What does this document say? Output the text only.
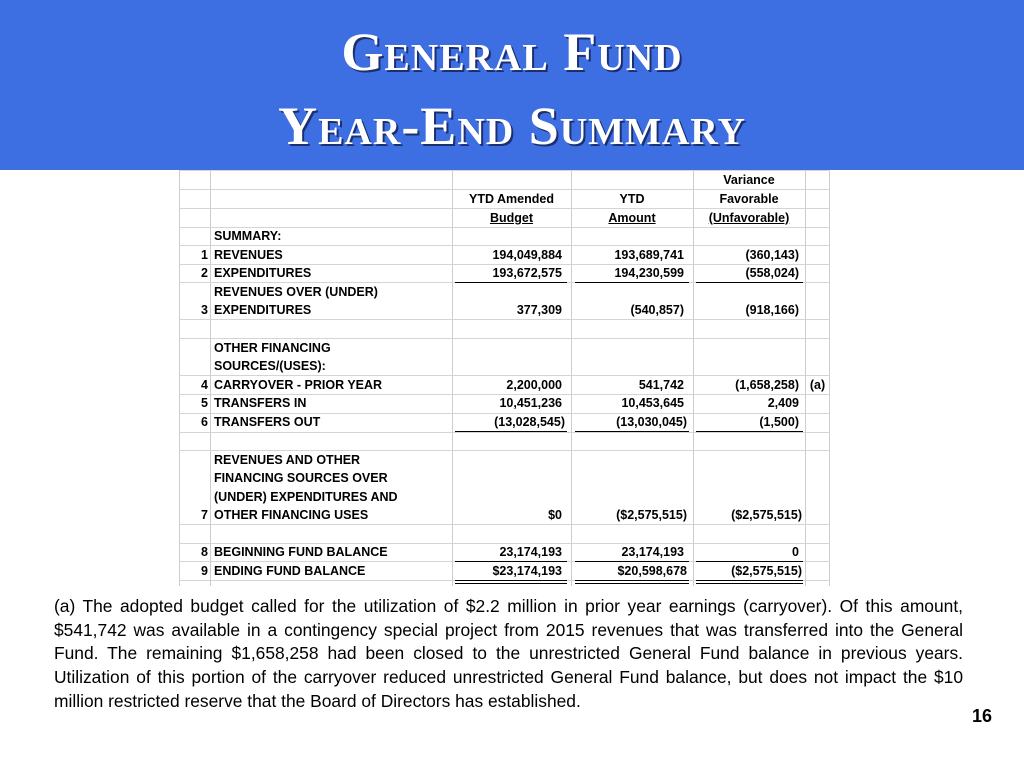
General Fund
Year-End Summary
Variance
YTD Amended	YTD	Favorable
Budget	Amount	(Unfavorable)
SUMMARY:
1 REVENUES	194,049,884	193,689,741	(360,143)
2 EXPENDITURES	193,672,575	194,230,599	(558,024)
REVENUES OVER (UNDER)
3 EXPENDITURES	377,309	(540,857)	(918,166)
OTHER FINANCING
SOURCES/(USES):
4 CARRYOVER - PRIOR YEAR	2,200,000	541,742	(1,658,258) (a)
5 TRANSFERS IN	10,451,236	10,453,645	2,409
6 TRANSFERS OUT	(13,028,545)	(13,030,045)	(1,500)
REVENUES AND OTHER
FINANCING SOURCES OVER
(UNDER) EXPENDITURES AND
7 OTHER FINANCING USES	$0	($2,575,515)	($2,575,515)
8 BEGINNING FUND BALANCE	23,174,193	23,174,193	0
9 ENDING FUND BALANCE	$23,174,193	$20,598,678	($2,575,515)
(a) The adopted budget called for the utilization of $2.2 million in prior year earnings (carryover). Of this amount, $541,742 was available in a contingency special project from 2015 revenues that was transferred into the General Fund. The remaining $1,658,258 had been closed to the unrestricted General Fund balance in previous years. Utilization of this portion of the carryover reduced unrestricted General Fund balance, but does not impact the $10 million restricted reserve that the Board of Directors has established.
16
